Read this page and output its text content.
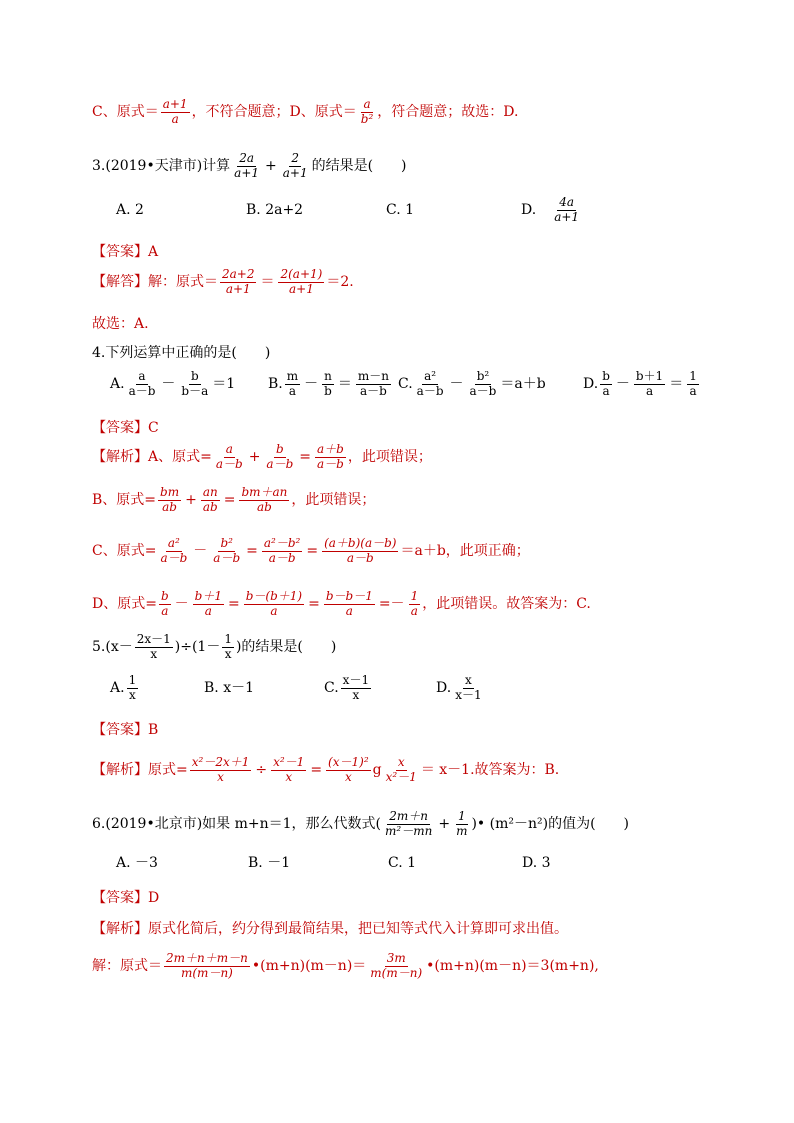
C、原式＝ $\frac{a+1}{a}$ ，不符合题意；D、原式＝ $\frac{a}{\text{b²}}$ ，符合题意；故选：D.
3.(2019•天津市)计算 $\frac{2a}{a+1} + \frac{2}{a+1}$ 的结果是(　　)
A. 2	B. 2a+2	C. 1	D. $\frac{4a}{a+1}$
【答案】A
【解答】 解：原式＝ $\frac{2a+2}{a+1} = \frac{2(a+1)}{a+1} =2$.
故选：A.
4.下列运算中正确的是(　　)
A. $\frac{a}{a-b} - \frac{b}{b-a} =1$ B. $\frac{m}{a} - \frac{n}{b} = \frac{m-n}{a-b} C$. $\frac{\text{a²}}{a-b} - \frac{\text{b²}}{a-b} =a+b$	D. $\frac{b}{a} - \frac{b+1}{a} = \frac{1}{a}$
【答案】C
【解析】 A、原式= $\frac{a}{a-b} + \frac{b}{a-b} = \frac{a+b}{a-b}$ ，此项错误；
B、原式= $\frac{bm}{ab} + \frac{an}{ab} = \frac{bm+an}{ab}$ ，此项错误；
C、原式= $\frac{\text{a²}}{a-b} - \frac{\text{b²}}{a-b} = \frac{\text{a²－b²}}{a-b} = \frac{(a+b)(a-b)}{a-b} =a+b$，此项正确；
D、原式= $\frac{b}{a} - \frac{b+1}{a} = \frac{b-(b+1)}{a} = \frac{b-b-1}{a} =- \frac{1}{a}$ ，此项错误。故答案为：C.
$5.(x- \frac{2x-1}{x} )\div(1- \frac{1}{x}$ )的结果是(　　)
A. $\frac{1}{x}$	B. x－1	C. $\frac{x-1}{x}$	D. $\frac{x}{x-1}$
【答案】B
【解析】 原式= $\frac{\text{x²－2x＋1}}{x} \div \frac{\text{x²－1}}{x} = \frac{\text{(x－1)²}}{x}$ g $\frac{x}{\text{x²－1}} = x-1$.故答案为：B.
6.(2019•北京市)如果 m+n＝1，那么代数式( $\frac{2m+n}{\text{m²－mn}} + \frac{1}{m}$ )• (m²－n²)的值为(　　)
A. －3	B. －1	C. 1	D. 3
【答案】D
【解析】原式化简后，约分得到最简结果，把已知等式代入计算即可求出值。
解：原式＝ $\frac{2m+n+m-n}{m(m-n)}$ •(m+n)(m－n)＝ $\frac{3m}{m(m-n)}$ •(m+n)(m－n)＝3(m+n),
